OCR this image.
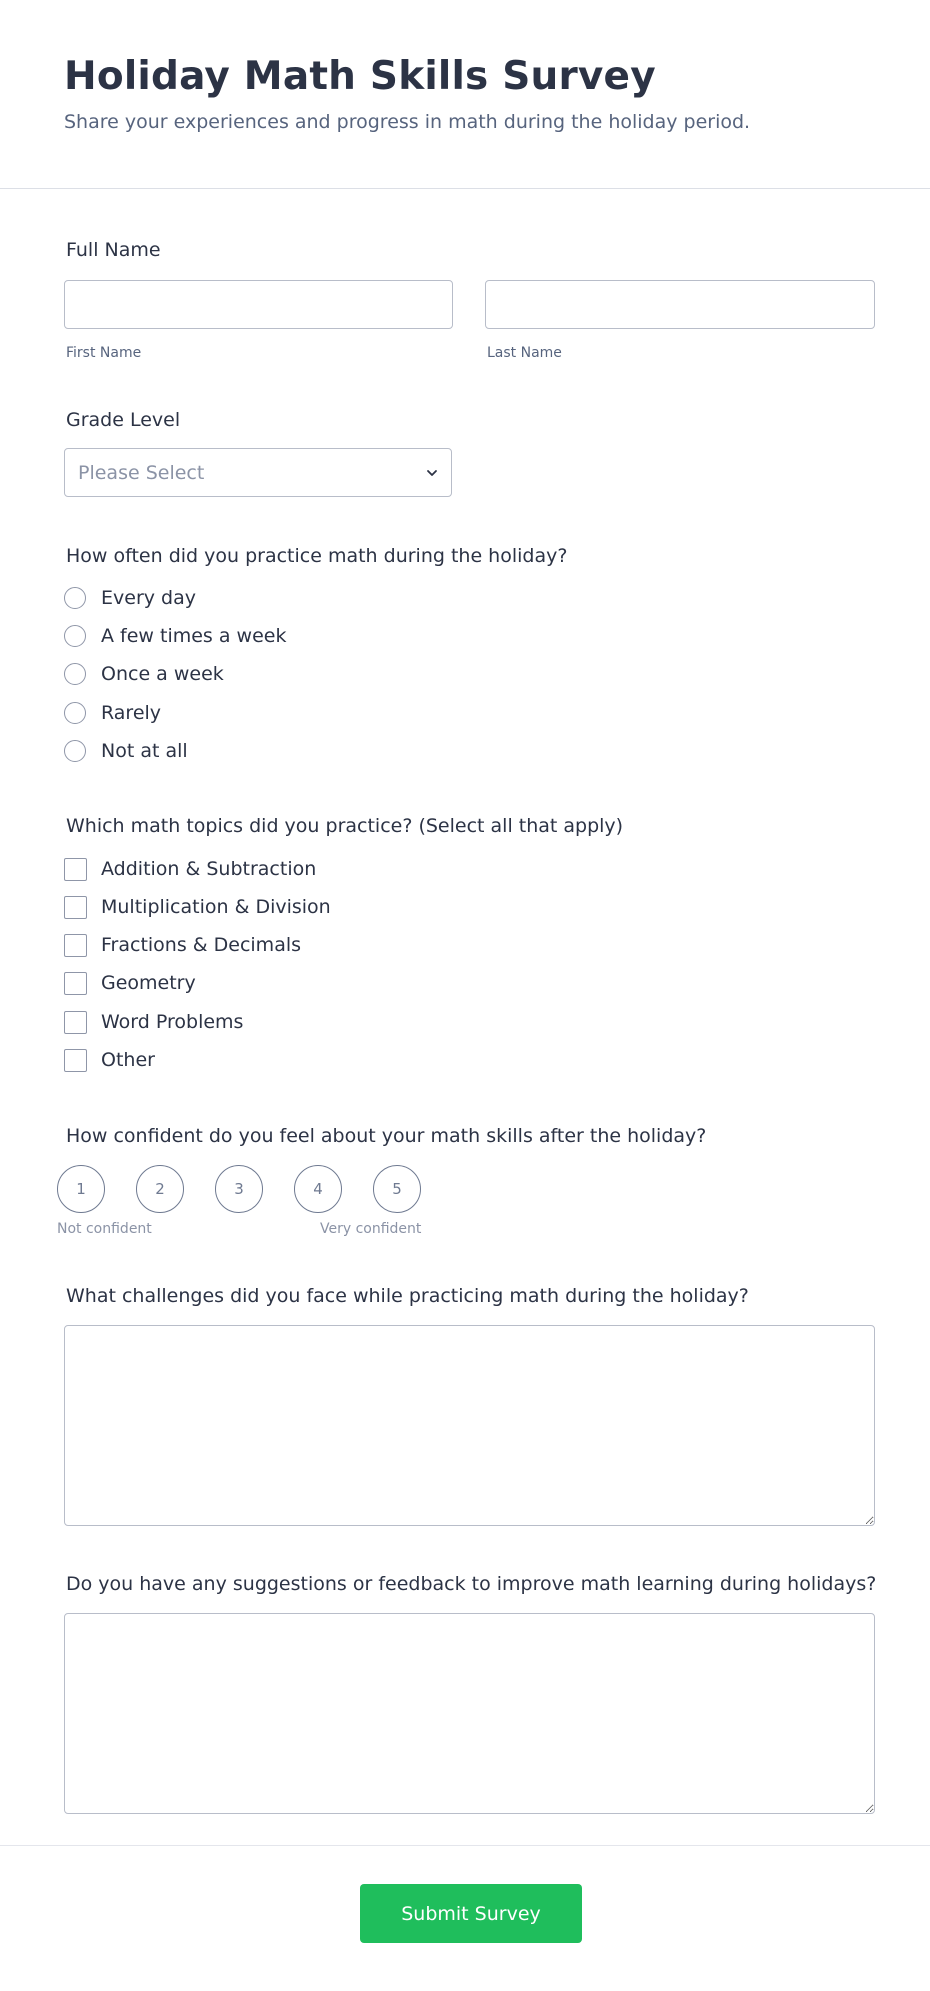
Holiday Math Skills Survey

Share your experiences and progress in math during the holiday period.

Full Name
First Name	Last Name
Grade Level
Please Select
How often did you practice math during the holiday?
Every day
A few times a week
Once a week
Rarely
Not at all
Which math topics did you practice? (Select all that apply)
Addition & Subtraction
Multiplication & Division
Fractions & Decimals
Geometry
Word Problems
Other
How confident do you feel about your math skills after the holiday?
1	2	3	4	5
Not confident	Very confident
What challenges did you face while practicing math during the holiday?
Do you have any suggestions or feedback to improve math learning during holidays?
Submit Survey
